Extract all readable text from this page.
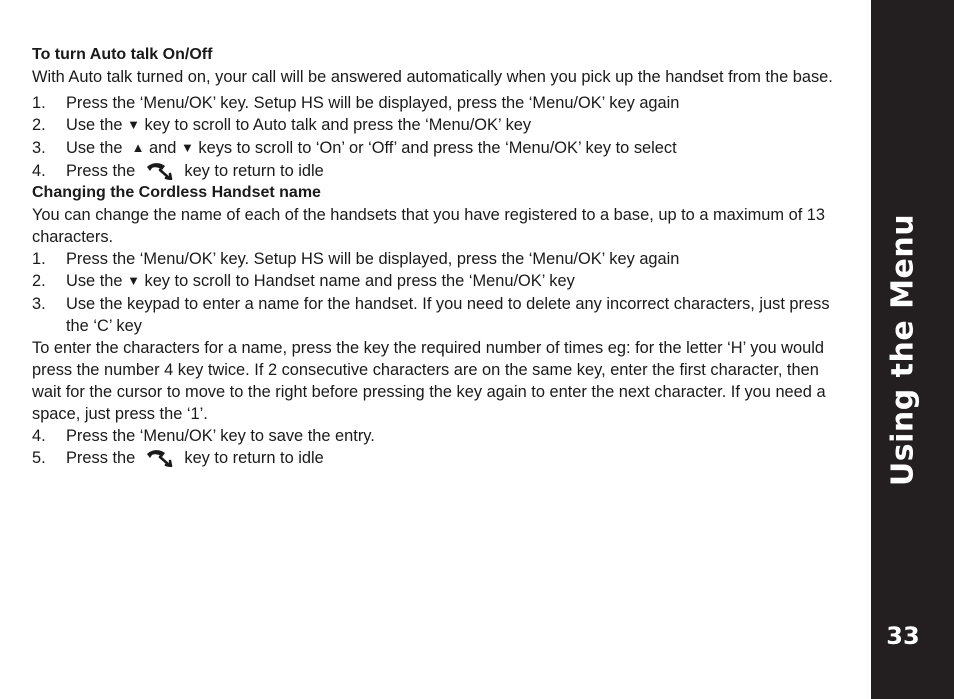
Using the Menu
33
To turn Auto talk On/Off

With Auto talk turned on, your call will be answered automatically when you pick up the handset from the base.

1.	Press the ‘Menu/OK’ key. Setup HS will be displayed, press the ‘Menu/OK’ key again
2.	Use the ▼ key to scroll to Auto talk and press the ‘Menu/OK’ key
3.	Use the ▲ and ▼ keys to scroll to ‘On’ or ‘Off’ and press the ‘Menu/OK’ key to select
4.	Press the	key to return to idle
Changing the Cordless Handset name

You can change the name of each of the handsets that you have registered to a base, up to a maximum of 13 characters.

1.	Press the ‘Menu/OK’ key. Setup HS will be displayed, press the ‘Menu/OK’ key again
2.	Use the ▼ key to scroll to Handset name and press the ‘Menu/OK’ key
3.	Use the keypad to enter a name for the handset. If you need to delete any incorrect characters, just press the ‘C’ key

To enter the characters for a name, press the key the required number of times eg: for the letter ‘H’ you would press the number 4 key twice. If 2 consecutive characters are on the same key, enter the first character, then wait for the cursor to move to the right before pressing the key again to enter the next character. If you need a space, just press the ‘1’.

4.	Press the ‘Menu/OK’ key to save the entry.
5.	Press the	key to return to idle
